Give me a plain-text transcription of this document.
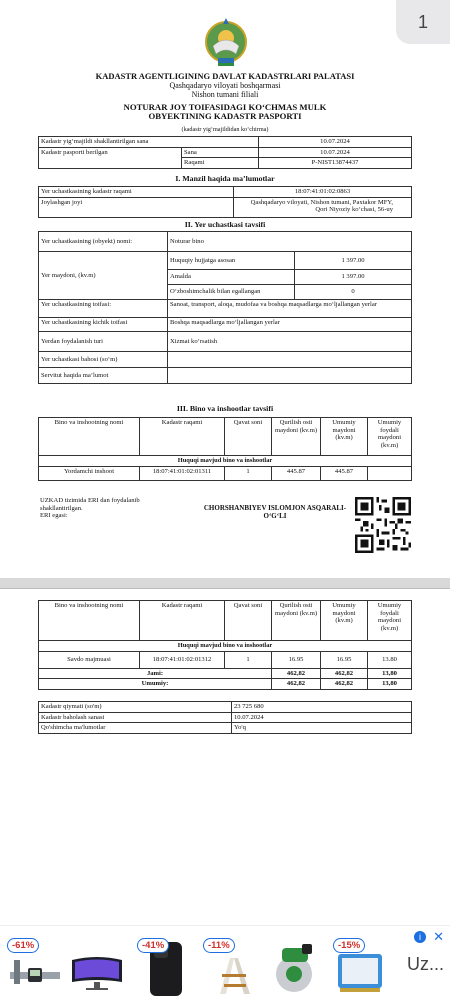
1
KADASTR AGENTLIGINING DAVLAT KADASTRLARI PALATASI
Qashqadaryo viloyati boshqarmasi
Nishon tumani filiali
NOTURAR JOY TOIFASIDAGI KO‘CHMAS MULK
OBYEKTINING KADASTR PASPORTI
(kadastr yig‘majildidan ko‘chirma)
Kadastr yig‘majildi shakllantirilgan sana		10.07.2024
Kadastr pasporti berilgan	Sana	10.07.2024
	Raqami	P-NIST13874437
I. Manzil haqida ma’lumotlar
Yer uchastkasining kadastr raqami	18:07:41:01:02:0863
Joylashgan joyi	Qashqadaryo viloyati, Nishon tumani, Paxtakor MFY,
Qori Niyoziy ko‘chasi, 56-uy
II. Yer uchastkasi tavsifi
Yer uchastkasining (obyekt) nomi:	Noturar bino	
Yer maydoni, (kv.m)	Huquqiy hujjatga asosan	1 397.00
	Amalda	1 397.00
	O‘zboshimchalik bilan egallangan	0
Yer uchastkasining toifasi:	Sanoat, transport, aloqa, mudofaa va boshqa maqsadlarga mo‘ljallangan yerlar	
Yer uchastkasining kichik toifasi	Boshqa maqsadlarga mo‘ljallangan yerlar	
Yerdan foydalanish turi	Xizmat ko‘rsatish	
Yer uchastkasi bahosi (so‘m)		
Servitut haqida ma’lumot		
III. Bino va inshootlar tavsifi
Bino va inshootning nomi	Kadastr raqami	Qavat soni	Qurilish osti maydoni (kv.m)	Umumiy maydoni (kv.m)	Umumiy foydali maydoni (kv.m)
Huquqi mavjud bino va inshootlar					
Yordamchi inshoot	18:07:41:01:02:01311	1	445.87	445.87	
UZKAD tizimida ERI dan foydalanib
shakllantirilgan.
ERI egasi:
CHORSHANBIYEV ISLOMJON ASQARALI-
O‘G‘LI
Bino va inshootning nomi	Kadastr raqami	Qavat soni	Qurilish osti maydoni (kv.m)	Umumiy maydoni (kv.m)	Umumiy foydali maydoni (kv.m)
Huquqi mavjud bino va inshootlar					
Savdo majmuasi	18:07:41:01:02:01312	1	16.95	16.95	13.80
Jami:			462,82	462,82	13,80
Umumiy:			462,82	462,82	13,80
Kadastr qiymati (so'm)	23 725 680
Kadastr baholash sanasi	10.07.2024
Qo'shimcha ma'lumotlar	Yo'q
-61%	-41%	-11%	-15%
i ✕
Uz...
